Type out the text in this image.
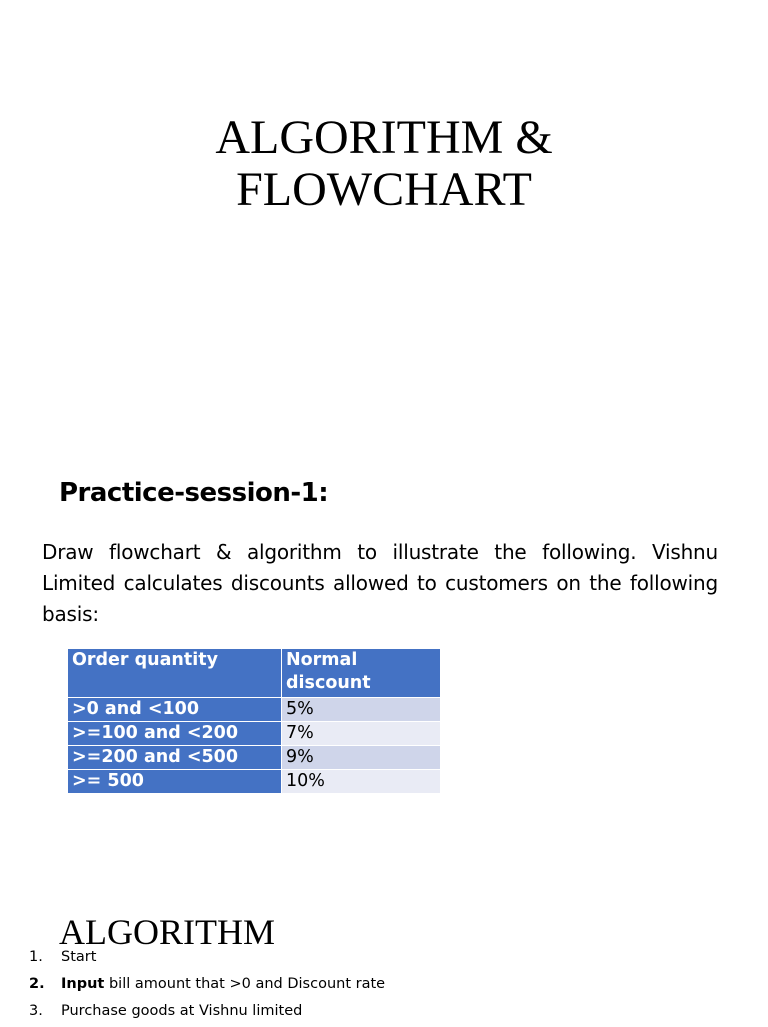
ALGORITHM &
FLOWCHART
Practice-session-1:
Draw flowchart & algorithm to illustrate the following. Vishnu Limited calculates discounts allowed to customers on the following basis:
Order quantity	Normal discount
>0 and <100	5%
>=100 and <200	7%
>=200 and <500	9%
>= 500	10%
ALGORITHM
1.	Start
2.	Input bill amount that >0 and Discount rate
3.	Purchase goods at Vishnu limited
